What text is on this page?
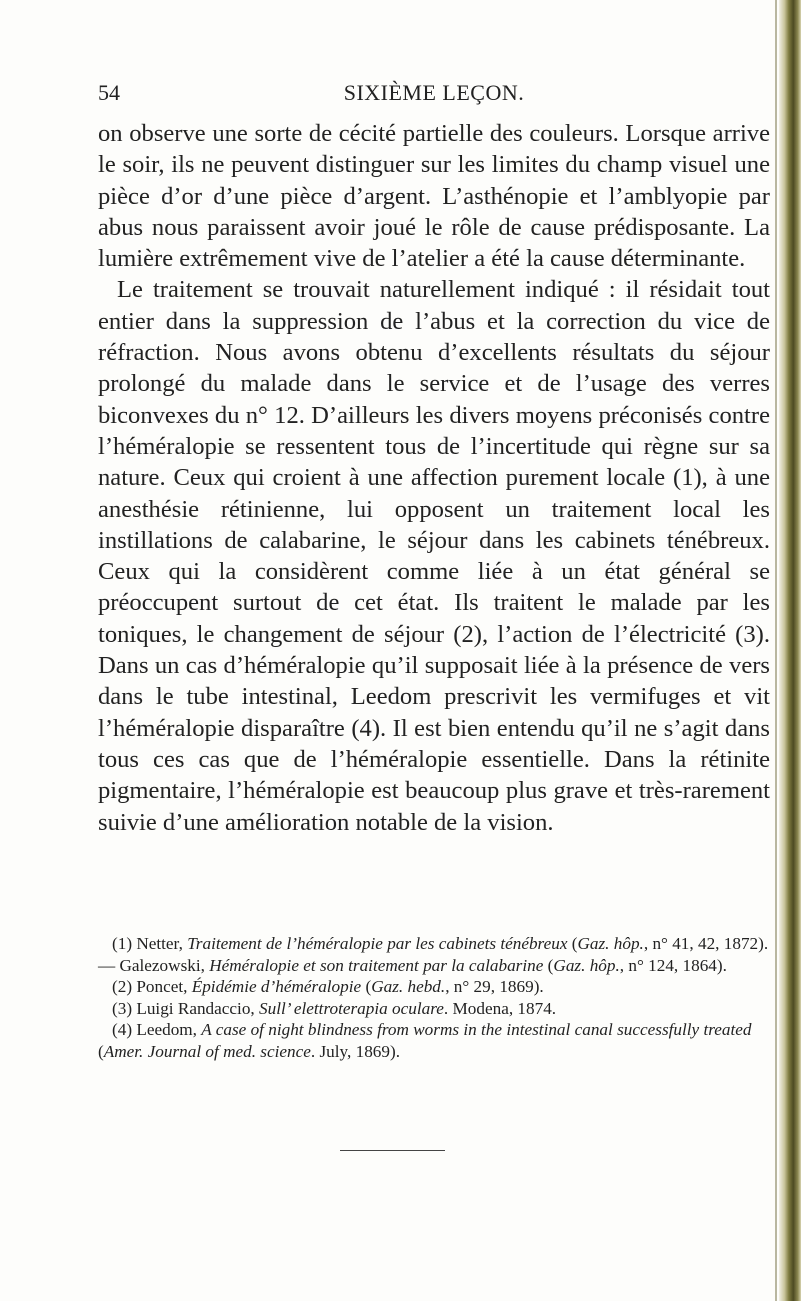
54	SIXIÈME LEÇON.

on observe une sorte de cécité partielle des couleurs. Lorsque arrive le soir, ils ne peuvent distinguer sur les limites du champ visuel une pièce d’or d’une pièce d’argent. L’asthénopie et l’amblyopie par abus nous paraissent avoir joué le rôle de cause prédisposante. La lumière extrêmement vive de l’atelier a été la cause déterminante.

Le traitement se trouvait naturellement indiqué : il résidait tout entier dans la suppression de l’abus et la correction du vice de réfraction. Nous avons obtenu d’excellents résultats du séjour prolongé du malade dans le service et de l’usage des verres biconvexes du n° 12. D’ailleurs les divers moyens préconisés contre l’héméralopie se ressentent tous de l’incertitude qui règne sur sa nature. Ceux qui croient à une affection purement locale (1), à une anesthésie rétinienne, lui opposent un traitement local les instillations de calabarine, le séjour dans les cabinets ténébreux. Ceux qui la considèrent comme liée à un état général se préoccupent surtout de cet état. Ils traitent le malade par les toniques, le changement de séjour (2), l’action de l’électricité (3). Dans un cas d’héméralopie qu’il supposait liée à la présence de vers dans le tube intestinal, Leedom prescrivit les vermifuges et vit l’héméralopie disparaître (4). Il est bien entendu qu’il ne s’agit dans tous ces cas que de l’héméralopie essentielle. Dans la rétinite pigmentaire, l’héméralopie est beaucoup plus grave et très-rarement suivie d’une amélioration notable de la vision.

(1) Netter, Traitement de l’héméralopie par les cabinets ténébreux (Gaz. hôp., n° 41, 42, 1872).— Galezowski, Héméralopie et son traitement par la calabarine (Gaz. hôp., n° 124, 1864).

(2) Poncet, Épidémie d’héméralopie (Gaz. hebd., n° 29, 1869).

(3) Luigi Randaccio, Sull’ elettroterapia oculare. Modena, 1874.

(4) Leedom, A case of night blindness from worms in the intestinal canal successfully treated (Amer. Journal of med. science. July, 1869).
